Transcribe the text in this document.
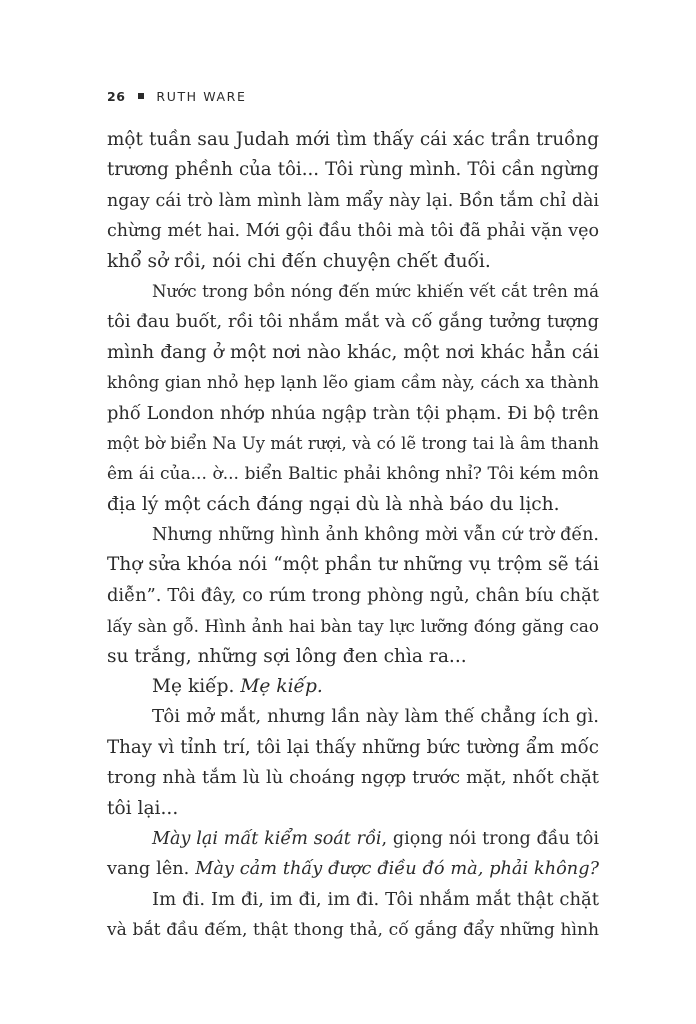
26 RUTH WARE
một tuần sau Judah mới tìm thấy cái xác trần truồng
trương phềnh của tôi... Tôi rùng mình. Tôi cần ngừng
ngay cái trò làm mình làm mẩy này lại. Bồn tắm chỉ dài
chừng mét hai. Mới gội đầu thôi mà tôi đã phải vặn vẹo
khổ sở rồi, nói chi đến chuyện chết đuối.
Nước trong bồn nóng đến mức khiến vết cắt trên má
tôi đau buốt, rồi tôi nhắm mắt và cố gắng tưởng tượng
mình đang ở một nơi nào khác, một nơi khác hẳn cái
không gian nhỏ hẹp lạnh lẽo giam cầm này, cách xa thành
phố London nhớp nhúa ngập tràn tội phạm. Đi bộ trên
một bờ biển Na Uy mát rượi, và có lẽ trong tai là âm thanh
êm ái của... ờ... biển Baltic phải không nhỉ? Tôi kém môn
địa lý một cách đáng ngại dù là nhà báo du lịch.
Nhưng những hình ảnh không mời vẫn cứ trờ đến.
Thợ sửa khóa nói “một phần tư những vụ trộm sẽ tái
diễn”. Tôi đây, co rúm trong phòng ngủ, chân bíu chặt
lấy sàn gỗ. Hình ảnh hai bàn tay lực lưỡng đóng găng cao
su trắng, những sợi lông đen chìa ra...
Mẹ kiếp. Mẹ kiếp.
Tôi mở mắt, nhưng lần này làm thế chẳng ích gì.
Thay vì tỉnh trí, tôi lại thấy những bức tường ẩm mốc
trong nhà tắm lù lù choáng ngợp trước mặt, nhốt chặt
tôi lại...
Mày lại mất kiểm soát rồi, giọng nói trong đầu tôi
vang lên. Mày cảm thấy được điều đó mà, phải không?
Im đi. Im đi, im đi, im đi. Tôi nhắm mắt thật chặt
và bắt đầu đếm, thật thong thả, cố gắng đẩy những hình
